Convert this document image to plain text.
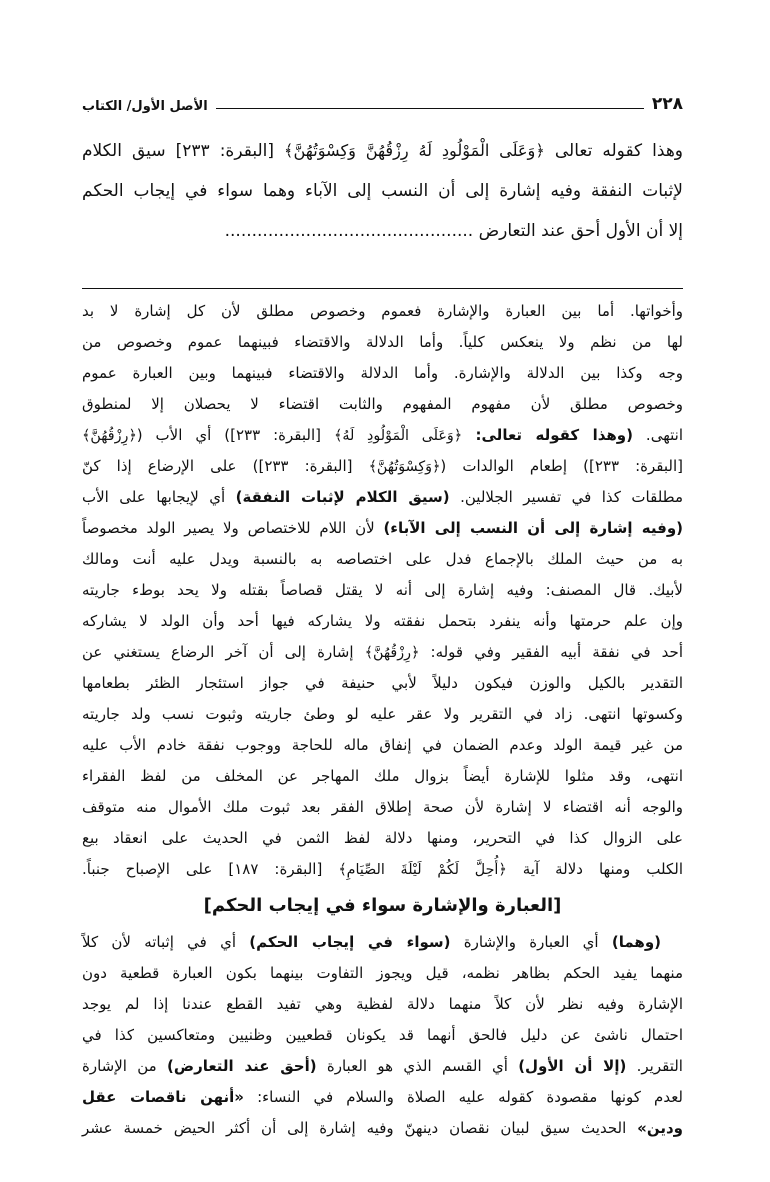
٢٢٨
الأصل الأول/ الكتاب
وهذا كقوله تعالى ﴿وَعَلَى الْمَوْلُودِ لَهُ رِزْقُهُنَّ وَكِسْوَتُهُنَّ﴾ [البقرة: ٢٣٣] سيق الكلام
لإثبات النفقة وفيه إشارة إلى أن النسب إلى الآباء وهما سواء في إيجاب الحكم
إلا أن الأول أحق عند التعارض ..............................................
وأخواتها. أما بين العبارة والإشارة فعموم وخصوص مطلق لأن كل إشارة لا بد
لها من نظم ولا ينعكس كلياً. وأما الدلالة والاقتضاء فبينهما عموم وخصوص من
وجه وكذا بين الدلالة والإشارة. وأما الدلالة والاقتضاء فبينهما وبين العبارة عموم
وخصوص مطلق لأن مفهوم المفهوم والثابت اقتضاء لا يحصلان إلا لمنطوق
انتهى. (وهذا كقوله تعالى: ﴿وَعَلَى الْمَوْلُودِ لَهُ﴾ [البقرة: ٢٣٣]) أي الأب (﴿رِزْقُهُنَّ﴾
[البقرة: ٢٣٣]) إطعام الوالدات (﴿وَكِسْوَتُهُنَّ﴾ [البقرة: ٢٣٣]) على الإرضاع إذا كنّ
مطلقات كذا في تفسير الجلالين. (سيق الكلام لإثبات النفقة) أي لإيجابها على الأب
(وفيه إشارة إلى أن النسب إلى الآباء) لأن اللام للاختصاص ولا يصير الولد مخصوصاً
به من حيث الملك بالإجماع فدل على اختصاصه به بالنسبة ويدل عليه أنت ومالك
لأبيك. قال المصنف: وفيه إشارة إلى أنه لا يقتل قصاصاً بقتله ولا يحد بوطء جاريته
وإن علم حرمتها وأنه ينفرد بتحمل نفقته ولا يشاركه فيها أحد وأن الولد لا يشاركه
أحد في نفقة أبيه الفقير وفي قوله: ﴿رِزْقُهُنَّ﴾ إشارة إلى أن آخر الرضاع يستغني عن
التقدير بالكيل والوزن فيكون دليلاً لأبي حنيفة في جواز استئجار الظئر بطعامها
وكسوتها انتهى. زاد في التقرير ولا عقر عليه لو وطئ جاريته وثبوت نسب ولد جاريته
من غير قيمة الولد وعدم الضمان في إنفاق ماله للحاجة ووجوب نفقة خادم الأب عليه
انتهى، وقد مثلوا للإشارة أيضاً بزوال ملك المهاجر عن المخلف من لفظ الفقراء
والوجه أنه اقتضاء لا إشارة لأن صحة إطلاق الفقر بعد ثبوت ملك الأموال منه متوقف
على الزوال كذا في التحرير، ومنها دلالة لفظ الثمن في الحديث على انعقاد بيع
الكلب ومنها دلالة آية ﴿أُحِلَّ لَكُمْ لَيْلَةَ الصِّيَامِ﴾ [البقرة: ١٨٧] على الإصباح جنباً.
[العبارة والإشارة سواء في إيجاب الحكم]
(وهما) أي العبارة والإشارة (سواء في إيجاب الحكم) أي في إثباته لأن كلاً
منهما يفيد الحكم بظاهر نظمه، قيل ويجوز التفاوت بينهما بكون العبارة قطعية دون
الإشارة وفيه نظر لأن كلاً منهما دلالة لفظية وهي تفيد القطع عندنا إذا لم يوجد
احتمال ناشئ عن دليل فالحق أنهما قد يكونان قطعيين وظنيين ومتعاكسين كذا في
التقرير. (إلا أن الأول) أي القسم الذي هو العبارة (أحق عند التعارض) من الإشارة
لعدم كونها مقصودة كقوله عليه الصلاة والسلام في النساء: «أنهن ناقصات عقل
ودين» الحديث سيق لبيان نقصان دينهنّ وفيه إشارة إلى أن أكثر الحيض خمسة عشر
